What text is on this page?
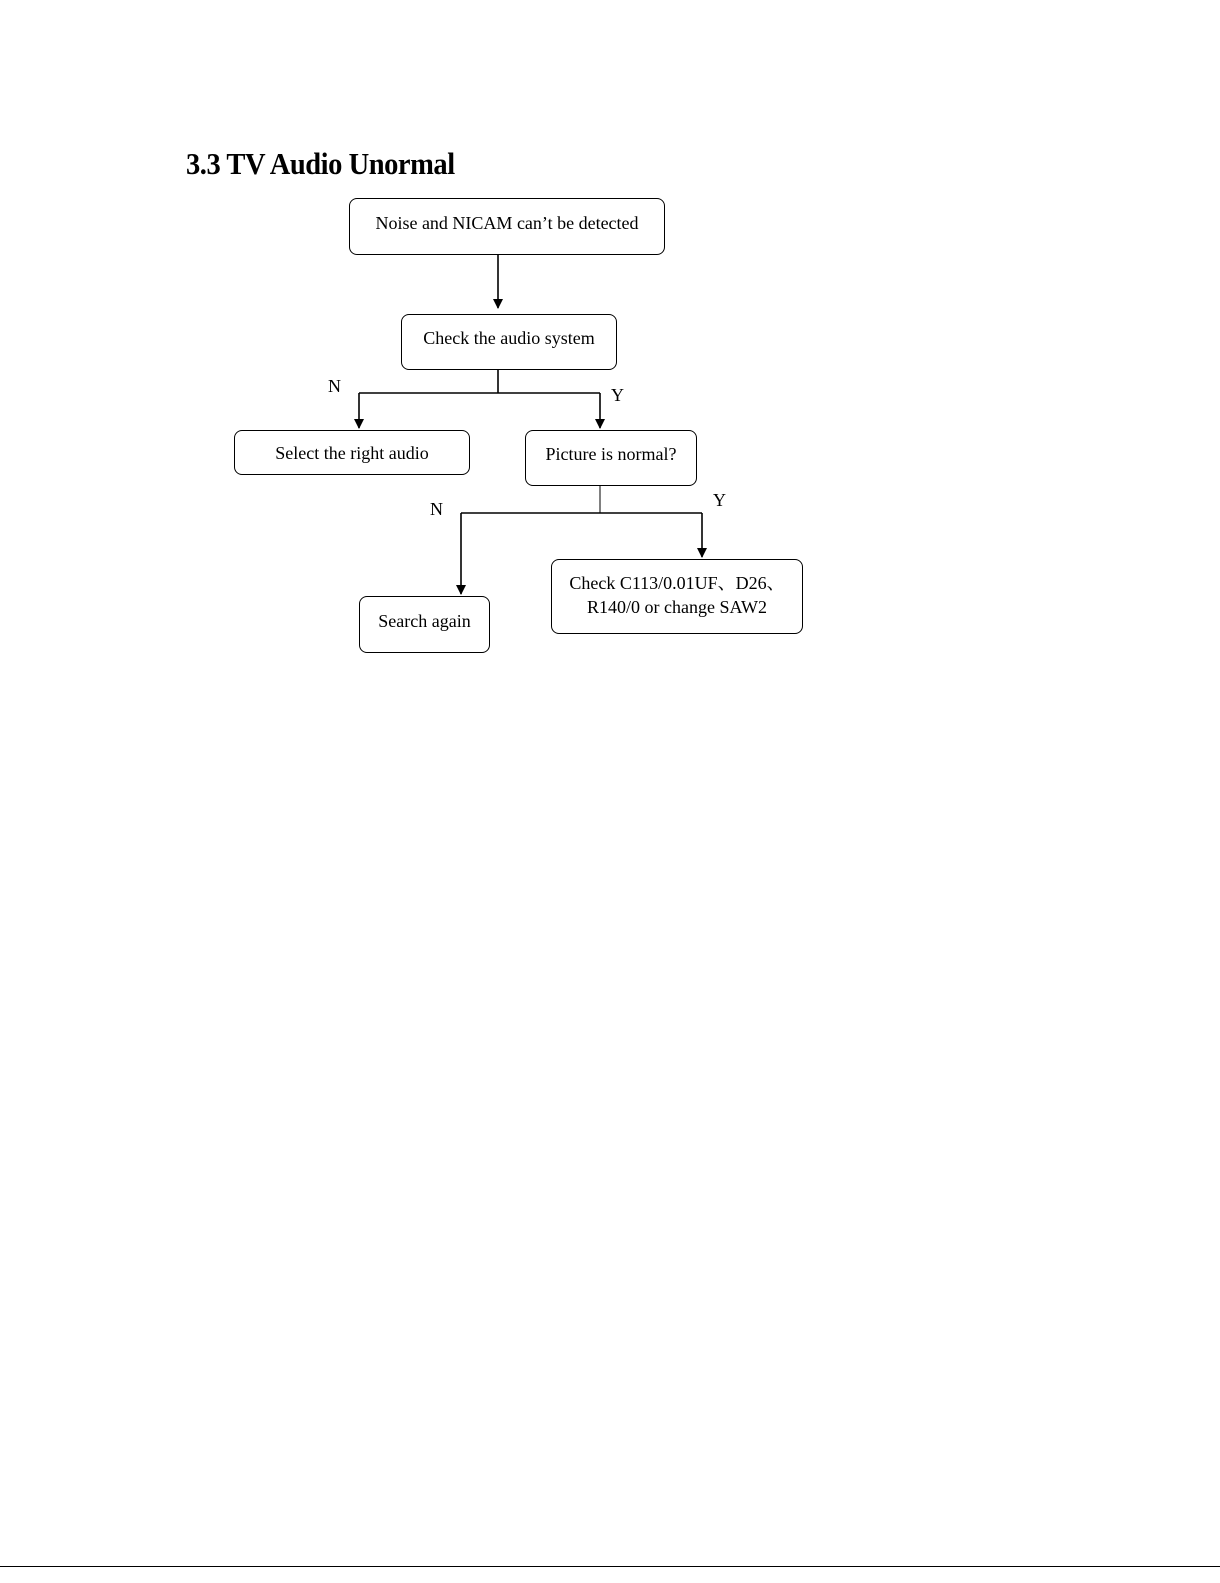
3.3 TV Audio Unormal
Noise and NICAM can’t be detected
Check the audio system
Select the right audio	Picture is normal?
Search again
Check C113/0.01UF、D26、
R140/0 or change SAW2
N	Y
N	Y
